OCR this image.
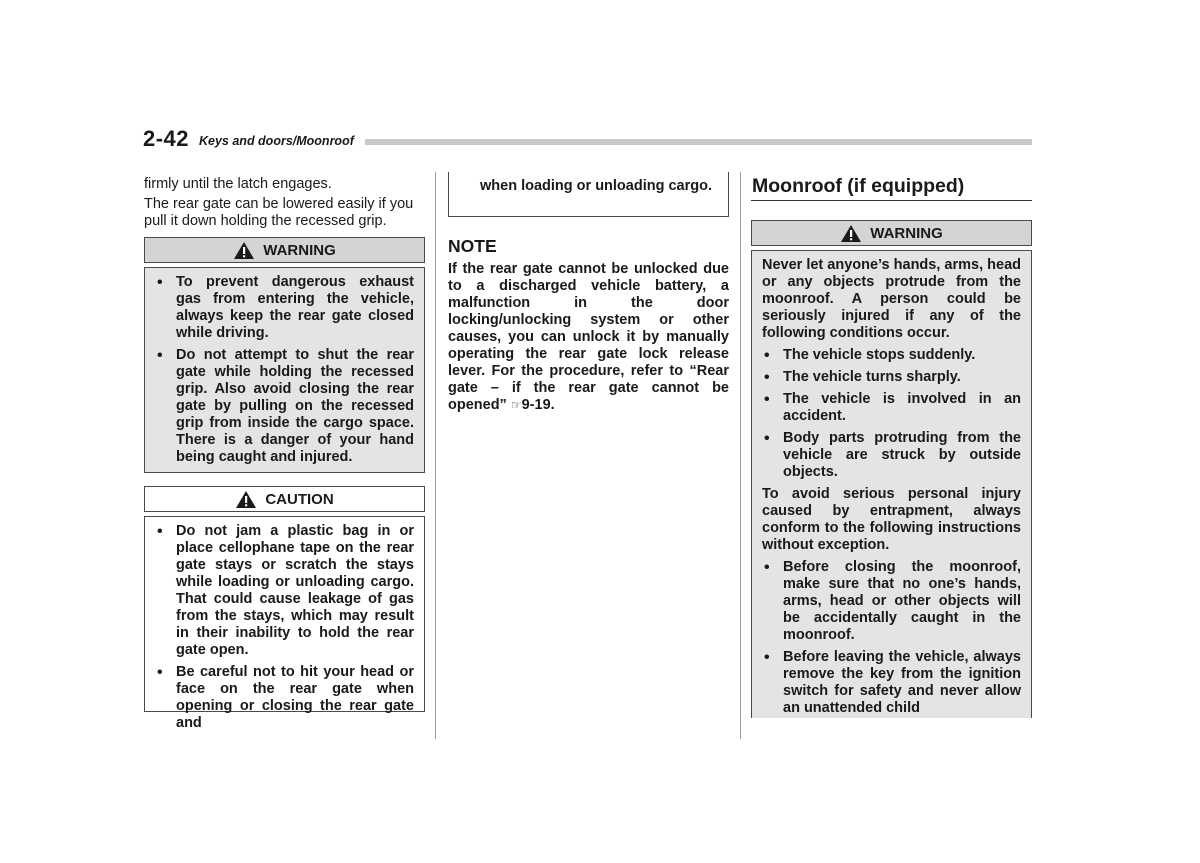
2-42 Keys and doors/Moonroof

firmly until the latch engages.

The rear gate can be lowered easily if you pull it down holding the recessed grip.

WARNING
• To prevent dangerous exhaust gas from entering the vehicle, always keep the rear gate closed while driving.
• Do not attempt to shut the rear gate while holding the recessed grip. Also avoid closing the rear gate by pulling on the recessed grip from inside the cargo space. There is a danger of your hand being caught and injured.
CAUTION
• Do not jam a plastic bag in or place cellophane tape on the rear gate stays or scratch the stays while loading or unloading cargo. That could cause leakage of gas from the stays, which may result in their inability to hold the rear gate open.
• Be careful not to hit your head or face on the rear gate when opening or closing the rear gate and
when loading or unloading cargo.
NOTE

If the rear gate cannot be unlocked due to a discharged vehicle battery, a malfunction in the door locking/unlocking system or other causes, you can unlock it by manually operating the rear gate lock release lever. For the procedure, refer to “Rear gate – if the rear gate cannot be opened” ☞9-19.

Moonroof (if equipped)
WARNING

Never let anyone’s hands, arms, head or any objects protrude from the moonroof. A person could be seriously injured if any of the following conditions occur.

• The vehicle stops suddenly.
• The vehicle turns sharply.
• The vehicle is involved in an accident.
• Body parts protruding from the vehicle are struck by outside objects.

To avoid serious personal injury caused by entrapment, always conform to the following instructions without exception.

• Before closing the moonroof, make sure that no one’s hands, arms, head or other objects will be accidentally caught in the moonroof.
• Before leaving the vehicle, always remove the key from the ignition switch for safety and never allow an unattended child
